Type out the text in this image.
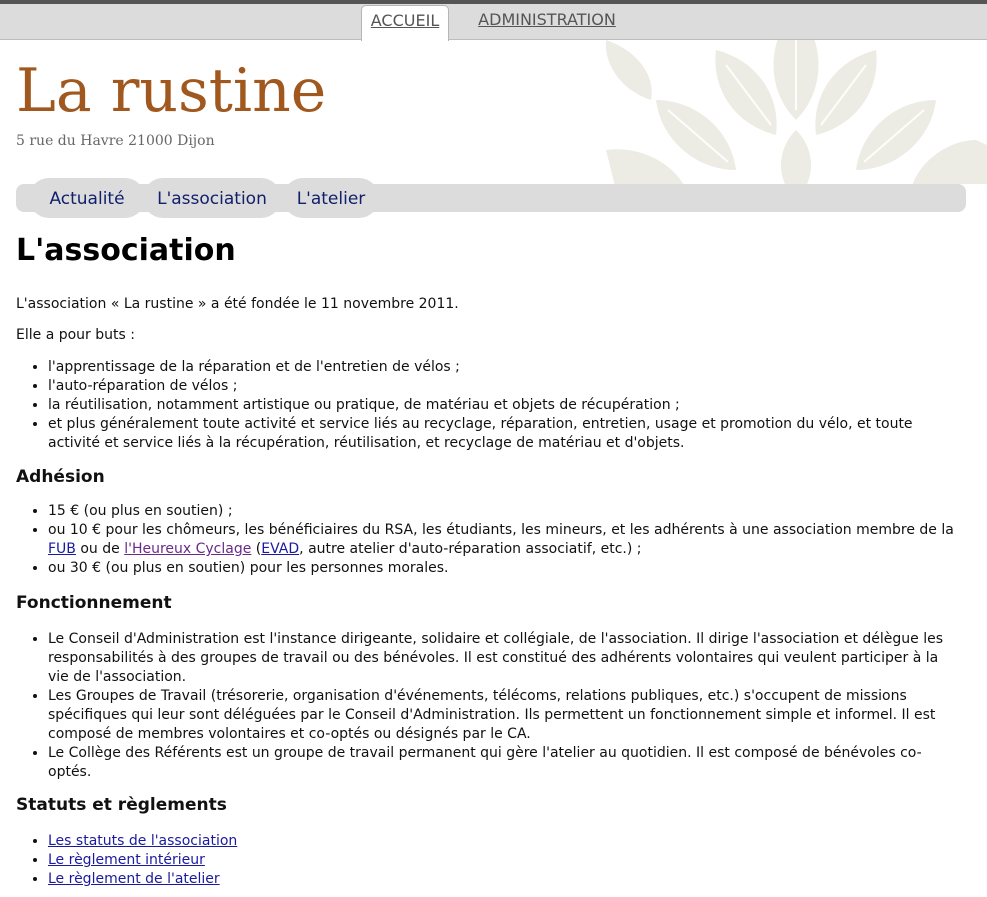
ACCUEIL	ADMINISTRATION
La rustine
5 rue du Havre 21000 Dijon
Actualité	L'association	L'atelier
L'association

L'association « La rustine » a été fondée le 11 novembre 2011.

Elle a pour buts :

• l'apprentissage de la réparation et de l'entretien de vélos ;
• l'auto-réparation de vélos ;
• la réutilisation, notamment artistique ou pratique, de matériau et objets de récupération ;
• et plus généralement toute activité et service liés au recyclage, réparation, entretien, usage et promotion du vélo, et toute activité et service liés à la récupération, réutilisation, et recyclage de matériau et d'objets.
Adhésion
• 15 € (ou plus en soutien) ;
• ou 10 € pour les chômeurs, les bénéficiaires du RSA, les étudiants, les mineurs, et les adhérents à une association membre de la FUB ou de l'Heureux Cyclage (EVAD, autre atelier d'auto-réparation associatif, etc.) ;
• ou 30 € (ou plus en soutien) pour les personnes morales.
Fonctionnement
• Le Conseil d'Administration est l'instance dirigeante, solidaire et collégiale, de l'association. Il dirige l'association et délègue les responsabilités à des groupes de travail ou des bénévoles. Il est constitué des adhérents volontaires qui veulent participer à la vie de l'association.
• Les Groupes de Travail (trésorerie, organisation d'événements, télécoms, relations publiques, etc.) s'occupent de missions spécifiques qui leur sont déléguées par le Conseil d'Administration. Ils permettent un fonctionnement simple et informel. Il est composé de membres volontaires et co-optés ou désignés par le CA.
• Le Collège des Référents est un groupe de travail permanent qui gère l'atelier au quotidien. Il est composé de bénévoles co-optés.
Statuts et règlements
• Les statuts de l'association
• Le règlement intérieur
• Le règlement de l'atelier
